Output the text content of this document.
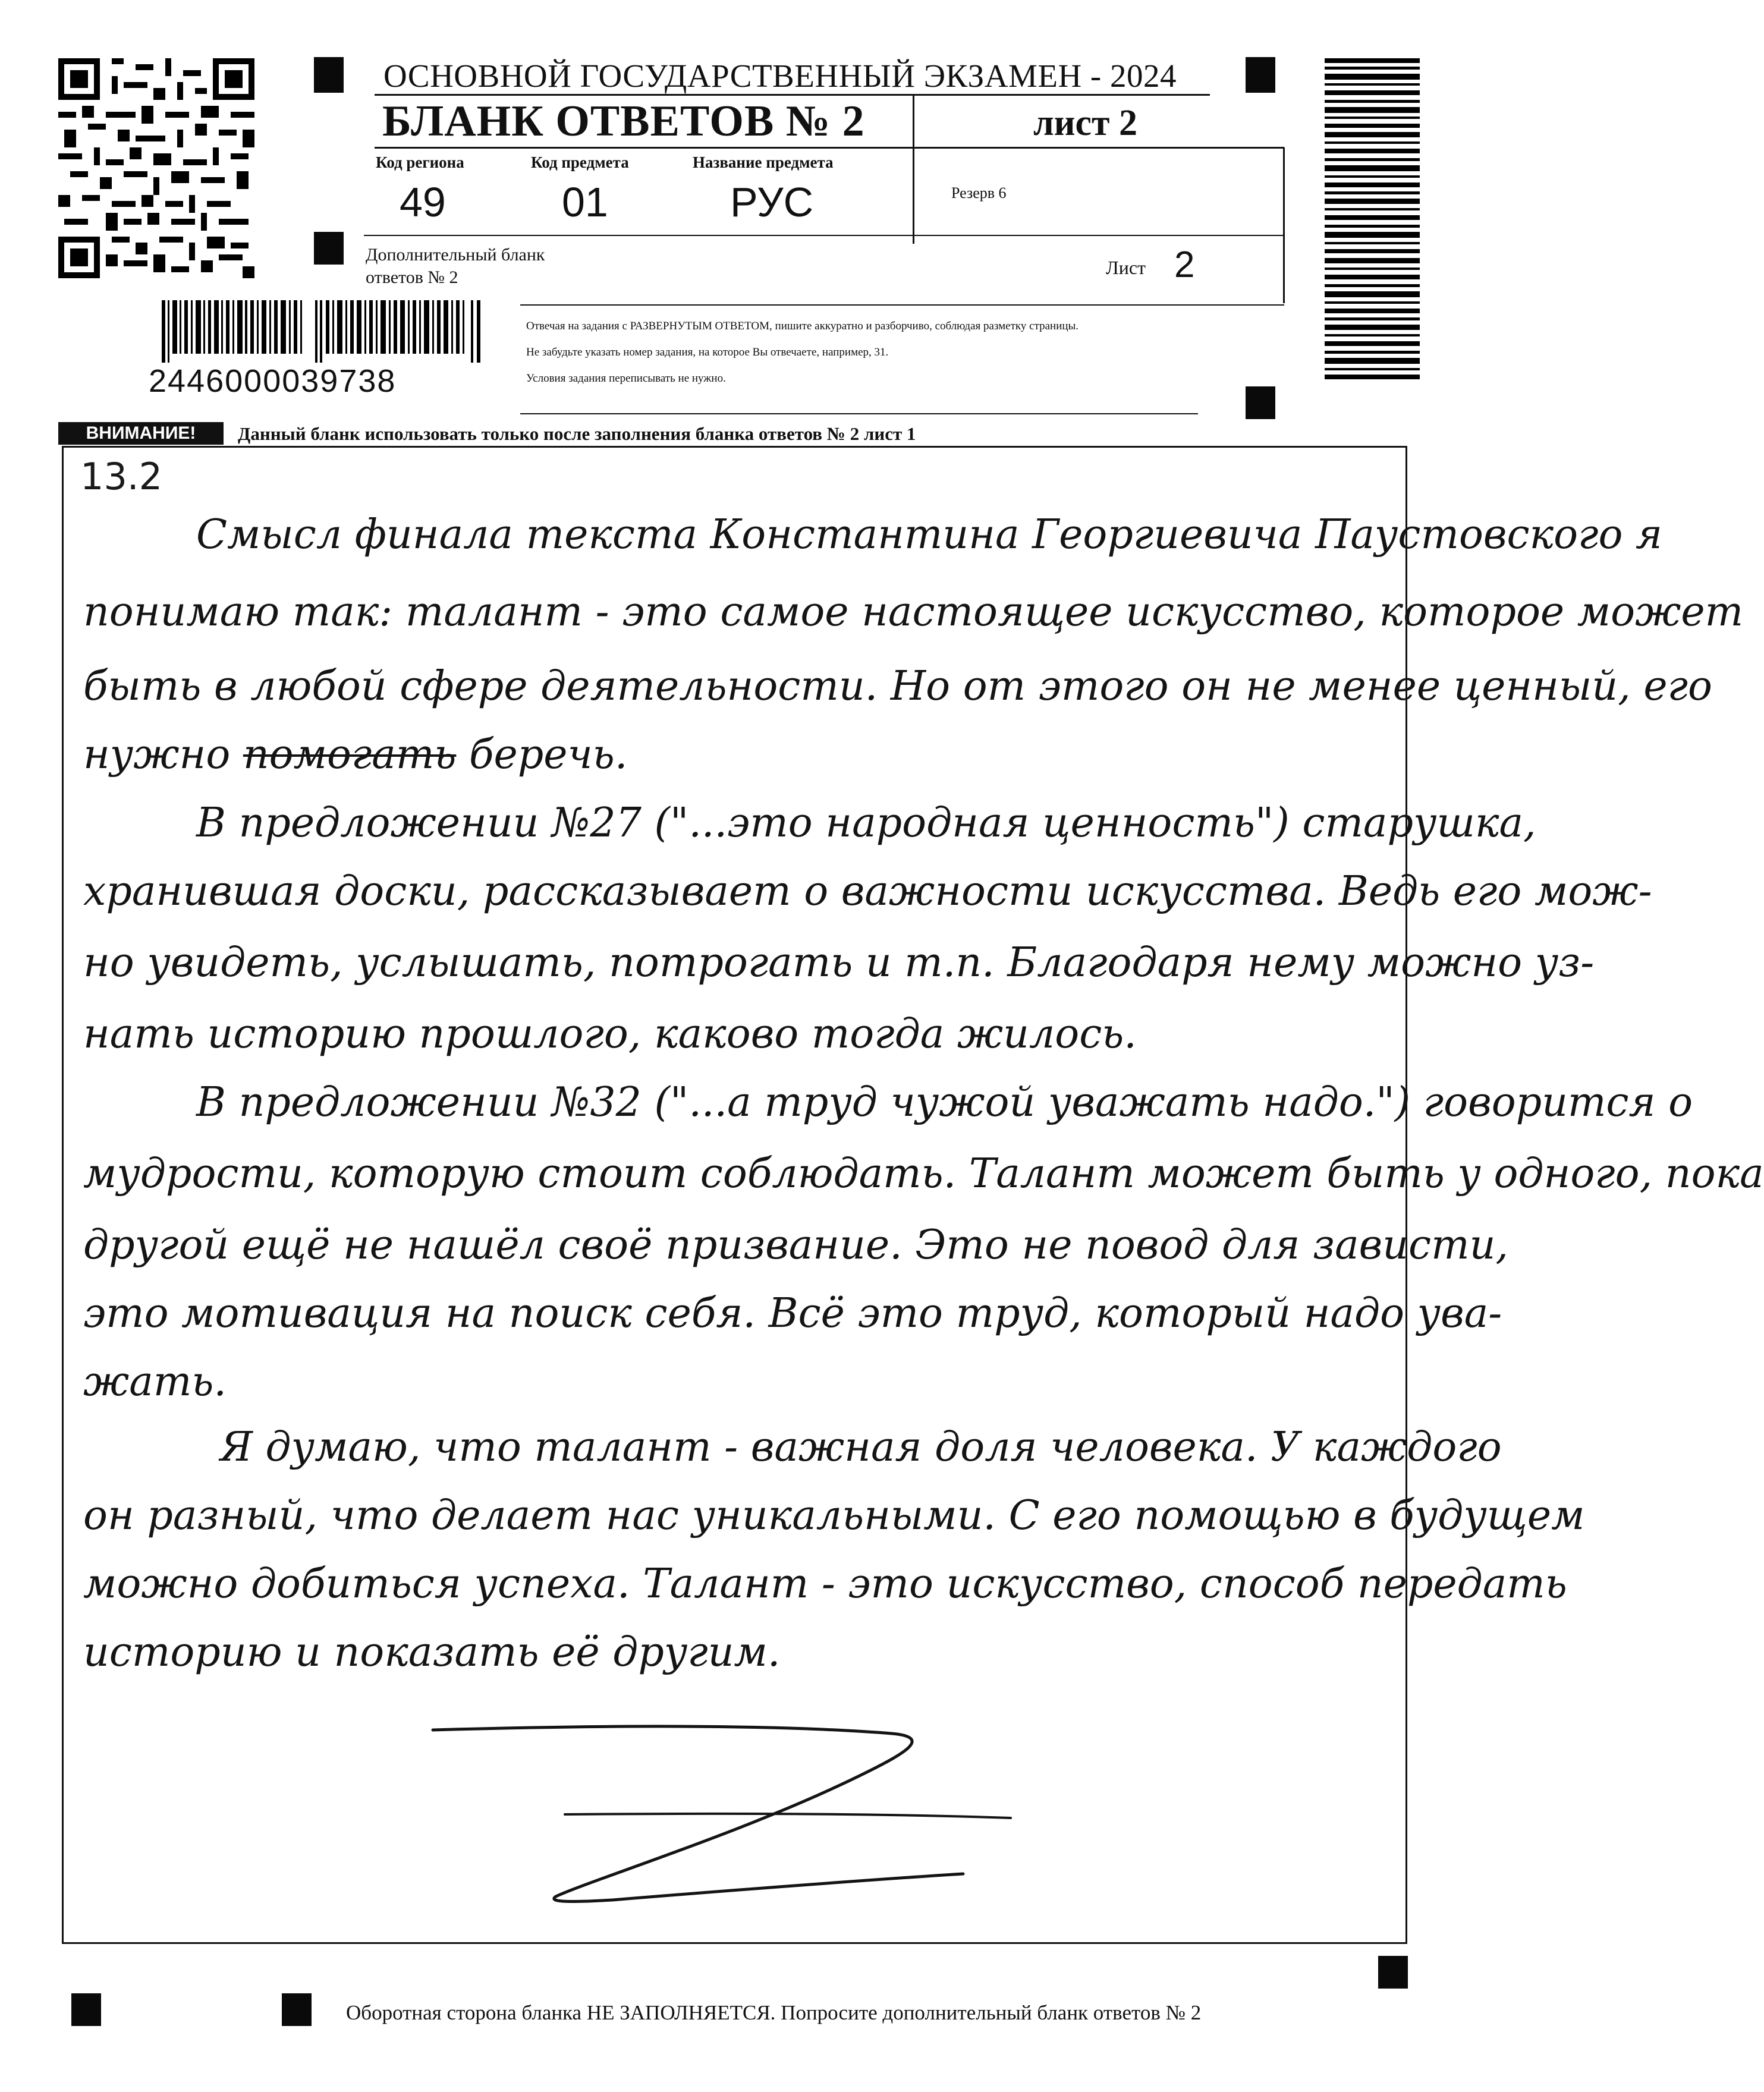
ОСНОВНОЙ ГОСУДАРСТВЕННЫЙ ЭКЗАМЕН - 2024
БЛАНК ОТВЕТОВ № 2	лист 2
Код региона
49
Код предмета
01
Название предмета
РУС	Резерв 6
Дополнительный бланк ответов № 2	Лист 2
Отвечая на задания с РАЗВЕРНУТЫМ ОТВЕТОМ, пишите аккуратно и разборчиво, соблюдая разметку страницы.
Не забудьте указать номер задания, на которое Вы отвечаете, например, 31.
Условия задания переписывать не нужно.
2446000039738
ВНИМАНИЕ!	Данный бланк использовать только после заполнения бланка ответов № 2 лист 1
13.2
Смысл финала текста Константина Георгиевича Паустовского я
понимаю так: талант - это самое настоящее искусство, которое может
быть в любой сфере деятельности. Но от этого он не менее ценный, его
нужно помогать беречь.
В предложении №27 ("...это народная ценность") старушка,
хранившая доски, рассказывает о важности искусства. Ведь его мож-
но увидеть, услышать, потрогать и т.п. Благодаря нему можно уз-
нать историю прошлого, каково тогда жилось.
В предложении №32 ("...а труд чужой уважать надо.") говорится о
мудрости, которую стоит соблюдать. Талант может быть у одного, пока
другой ещё не нашёл своё призвание. Это не повод для зависти,
это мотивация на поиск себя. Всё это труд, который надо ува-
жать.
Я думаю, что талант - важная доля человека. У каждого
он разный, что делает нас уникальными. С его помощью в будущем
можно добиться успеха. Талант - это искусство, способ передать
историю и показать её другим.
Оборотная сторона бланка НЕ ЗАПОЛНЯЕТСЯ. Попросите дополнительный бланк ответов № 2
